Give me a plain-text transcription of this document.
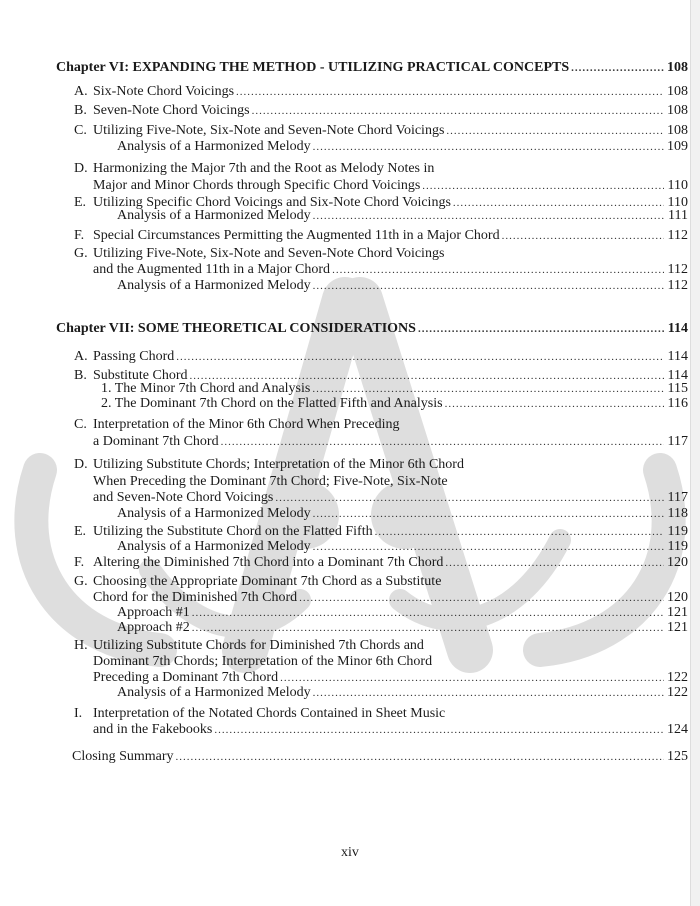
Chapter VI: EXPANDING THE METHOD - UTILIZING PRACTICAL CONCEPTS .....	108
A. Six-Note Chord Voicings .....	108
B. Seven-Note Chord Voicings .....	108
C. Utilizing Five-Note, Six-Note and Seven-Note Chord Voicings .....	108
Analysis of a Harmonized Melody .....	109
D. Harmonizing the Major 7th and the Root as Melody Notes in
Major and Minor Chords through Specific Chord Voicings .....	110
E. Utilizing Specific Chord Voicings and Six-Note Chord Voicings .....	110
Analysis of a Harmonized Melody .....	111
F. Special Circumstances Permitting the Augmented 11th in a Major Chord .....	112
G. Utilizing Five-Note, Six-Note and Seven-Note Chord Voicings
and the Augmented 11th in a Major Chord .....	112
Analysis of a Harmonized Melody .....	112
Chapter VII: SOME THEORETICAL CONSIDERATIONS .....	114
A. Passing Chord .....	114
B. Substitute Chord .....	114
1. The Minor 7th Chord and Analysis .....	115
2. The Dominant 7th Chord on the Flatted Fifth and Analysis .....	116
C. Interpretation of the Minor 6th Chord When Preceding
a Dominant 7th Chord .....	117
D. Utilizing Substitute Chords; Interpretation of the Minor 6th Chord
When Preceding the Dominant 7th Chord; Five-Note, Six-Note
and Seven-Note Chord Voicings .....	117
Analysis of a Harmonized Melody .....	118
E. Utilizing the Substitute Chord on the Flatted Fifth .....	119
Analysis of a Harmonized Melody .....	119
F. Altering the Diminished 7th Chord into a Dominant 7th Chord .....	120
G. Choosing the Appropriate Dominant 7th Chord as a Substitute
Chord for the Diminished 7th Chord .....	120
Approach #1 .....	121
Approach #2 .....	121
H. Utilizing Substitute Chords for Diminished 7th Chords and
Dominant 7th Chords; Interpretation of the Minor 6th Chord
Preceding a Dominant 7th Chord .....	122
Analysis of a Harmonized Melody .....	122
I. Interpretation of the Notated Chords Contained in Sheet Music
and in the Fakebooks .....	124
Closing Summary .....	125
xiv
